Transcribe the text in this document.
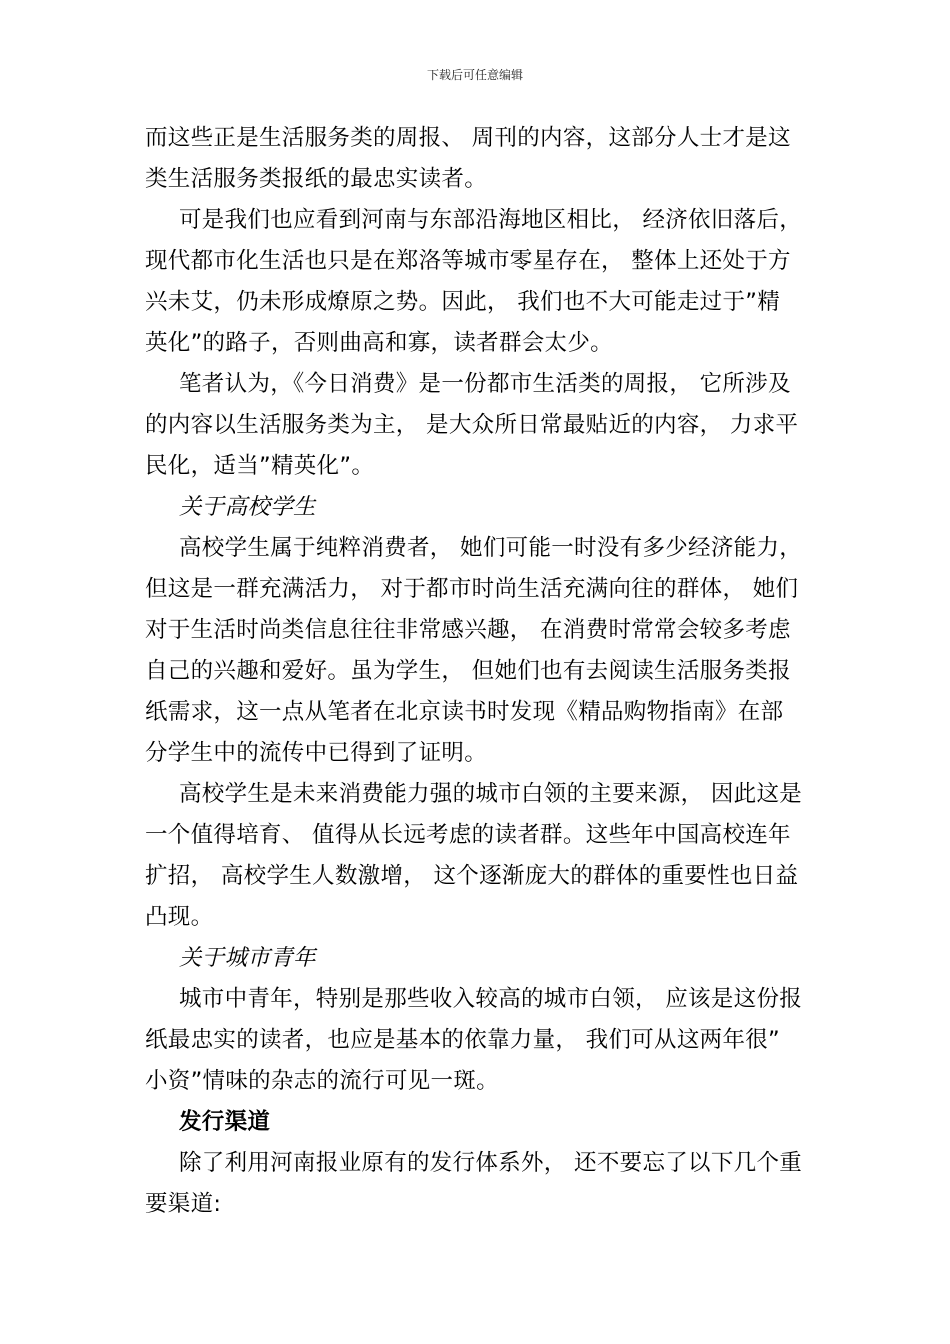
下载后可任意编辑
而这些正是生活服务类的周报、 周刊的内容，这部分人士才是这
类生活服务类报纸的最忠实读者。
可是我们也应看到河南与东部沿海地区相比， 经济依旧落后，
现代都市化生活也只是在郑洛等城市零星存在， 整体上还处于方
兴未艾，仍未形成燎原之势。因此， 我们也不大可能走过于”精
英化”的路子，否则曲高和寡，读者群会太少。
笔者认为，《今日消费》是一份都市生活类的周报， 它所涉及
的内容以生活服务类为主， 是大众所日常最贴近的内容， 力求平
民化，适当”精英化”。
关于高校学生
高校学生属于纯粹消费者， 她们可能一时没有多少经济能力，
但这是一群充满活力， 对于都市时尚生活充满向往的群体， 她们
对于生活时尚类信息往往非常感兴趣， 在消费时常常会较多考虑
自己的兴趣和爱好。虽为学生， 但她们也有去阅读生活服务类报
纸需求，这一点从笔者在北京读书时发现《精品购物指南》在部
分学生中的流传中已得到了证明。
高校学生是未来消费能力强的城市白领的主要来源， 因此这是
一个值得培育、 值得从长远考虑的读者群。这些年中国高校连年
扩招， 高校学生人数激增， 这个逐渐庞大的群体的重要性也日益
凸现。
关于城市青年
城市中青年，特别是那些收入较高的城市白领， 应该是这份报
纸最忠实的读者，也应是基本的依靠力量， 我们可从这两年很”
小资”情味的杂志的流行可见一斑。
发行渠道
除了利用河南报业原有的发行体系外， 还不要忘了以下几个重
要渠道:
